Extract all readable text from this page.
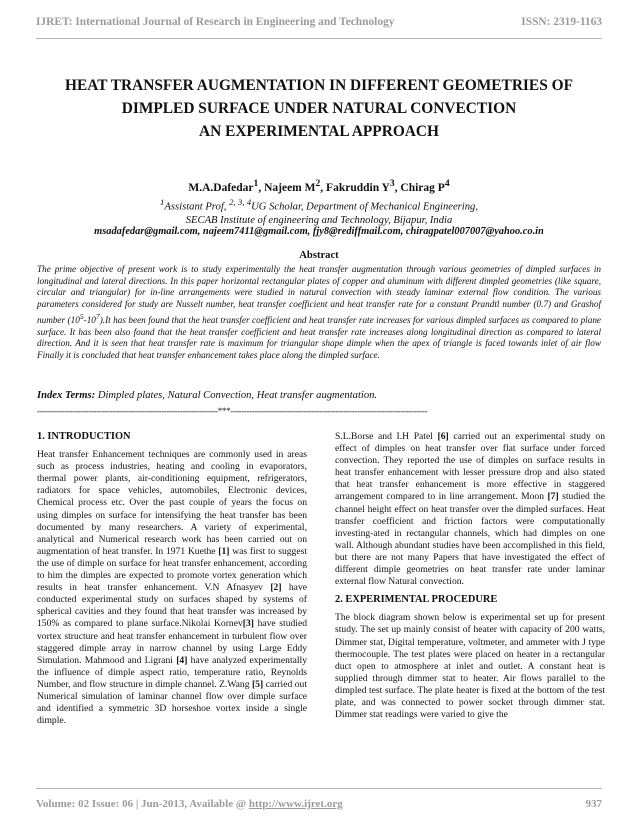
IJRET: International Journal of Research in Engineering and Technology	ISSN: 2319-1163
HEAT TRANSFER AUGMENTATION IN DIFFERENT GEOMETRIES OF
DIMPLED SURFACE UNDER NATURAL CONVECTION
AN EXPERIMENTAL APPROACH
M.A.Dafedar$^1$, Najeem $M^2$, Fakruddin $Y^3$, Chirag $P^4$
$^1$Assistant Prof, $^{2, 3, 4}$UG Scholar, Department of Mechanical Engineering,
SECAB Institute of engineering and Technology, Bijapur, India
msadafedar@gmail.com, najeem7411@gmail.com, fjy8@rediffmail.com, chiragpatel007007@yahoo.co.in
Abstract
The prime objective of present work is to study experimentally the heat transfer augmentation through various geometries of dimpled surfaces in longitudinal and lateral directions. In this paper horizontal rectangular plates of copper and aluminum with different dimpled geometries (like square, circular and triangular) for in-line arrangements were studied in natural convection with steady laminar external flow condition. The various parameters considered for study are Nusselt number, heat transfer coefficient and heat transfer rate for a constant Prandtl number (0.7) and Grashof number $(10^5-10^7).It$ has been found that the heat transfer coefficient and heat transfer rate increases for various dimpled surfaces as compared to plane surface. It has been also found that the heat transfer coefficient and heat transfer rate increases along longitudinal direction as compared to lateral direction. And it is seen that heat transfer rate is maximum for triangular shape dimple when the apex of triangle is faced towards inlet of air flow Finally it is concluded that heat transfer enhancement takes place along the dimpled surface.
Index Terms: Dimpled plates, Natural Convection, Heat transfer augmentation.
-------------------------------------------------------------------***-------------------------------------------------------------------------
1. INTRODUCTION

Heat transfer Enhancement techniques are commonly used in areas such as process industries, heating and cooling in evaporators, thermal power plants, air-conditioning equipment, refrigerators, radiators for space vehicles, automobiles, Electronic devices, Chemical process etc. Over the past couple of years the focus on using dimples on surface for intensifying the heat transfer has been documented by many researchers. A variety of experimental, analytical and Numerical research work has been carried out on augmentation of heat transfer. In 1971 Kuethe [1] was first to suggest the use of dimple on surface for heat transfer enhancement, according to him the dimples are expected to promote vortex generation which results in heat transfer enhancement. V.N Afnasyev [2] have conducted experimental study on surfaces shaped by systems of spherical cavities and they found that heat transfer was increased by 150% as compared to plane surface.Nikolai Kornev[3] have studied vortex structure and heat transfer enhancement in turbulent flow over staggered dimple array in narrow channel by using Large Eddy Simulation. Mahmood and Ligrani [4] have analyzed experimentally the influence of dimple aspect ratio, temperature ratio, Reynolds Number, and flow structure in dimple channel. Z.Wang [5] carried out Numerical simulation of laminar channel flow over dimple surface and identified a symmetric 3D horseshoe vortex inside a single dimple.

S.L.Borse and I.H Patel [6] carried out an experimental study on effect of dimples on heat transfer over flat surface under forced convection. They reported the use of dimples on surface results in heat transfer enhancement with lesser pressure drop and also stated that heat transfer enhancement is more effective in staggered arrangement compared to in line arrangement. Moon [7] studied the channel height effect on heat transfer over the dimpled surfaces. Heat transfer coefficient and friction factors were computationally investing-ated in rectangular channels, which had dimples on one wall. Although abundant studies have been accomplished in this field, but there are not many Papers that have investigated the effect of different dimple geometries on heat transfer rate under laminar external flow Natural convection.

2. EXPERIMENTAL PROCEDURE

The block diagram shown below is experimental set up for present study. The set up mainly consist of heater with capacity of 200 watts, Dimmer stat, Digital temperature, voltmeter, and ammeter with J type thermocouple. The test plates were placed on heater in a rectangular duct open to atmosphere at inlet and outlet. A constant heat is supplied through dimmer stat to heater. Air flows parallel to the dimpled test surface. The plate heater is fixed at the bottom of the test plate, and was connected to power socket through dimmer stat. Dimmer stat readings were varied to give the

Volume: 02 Issue: 06 | Jun-2013, Available @ http://www.ijret.org	937
